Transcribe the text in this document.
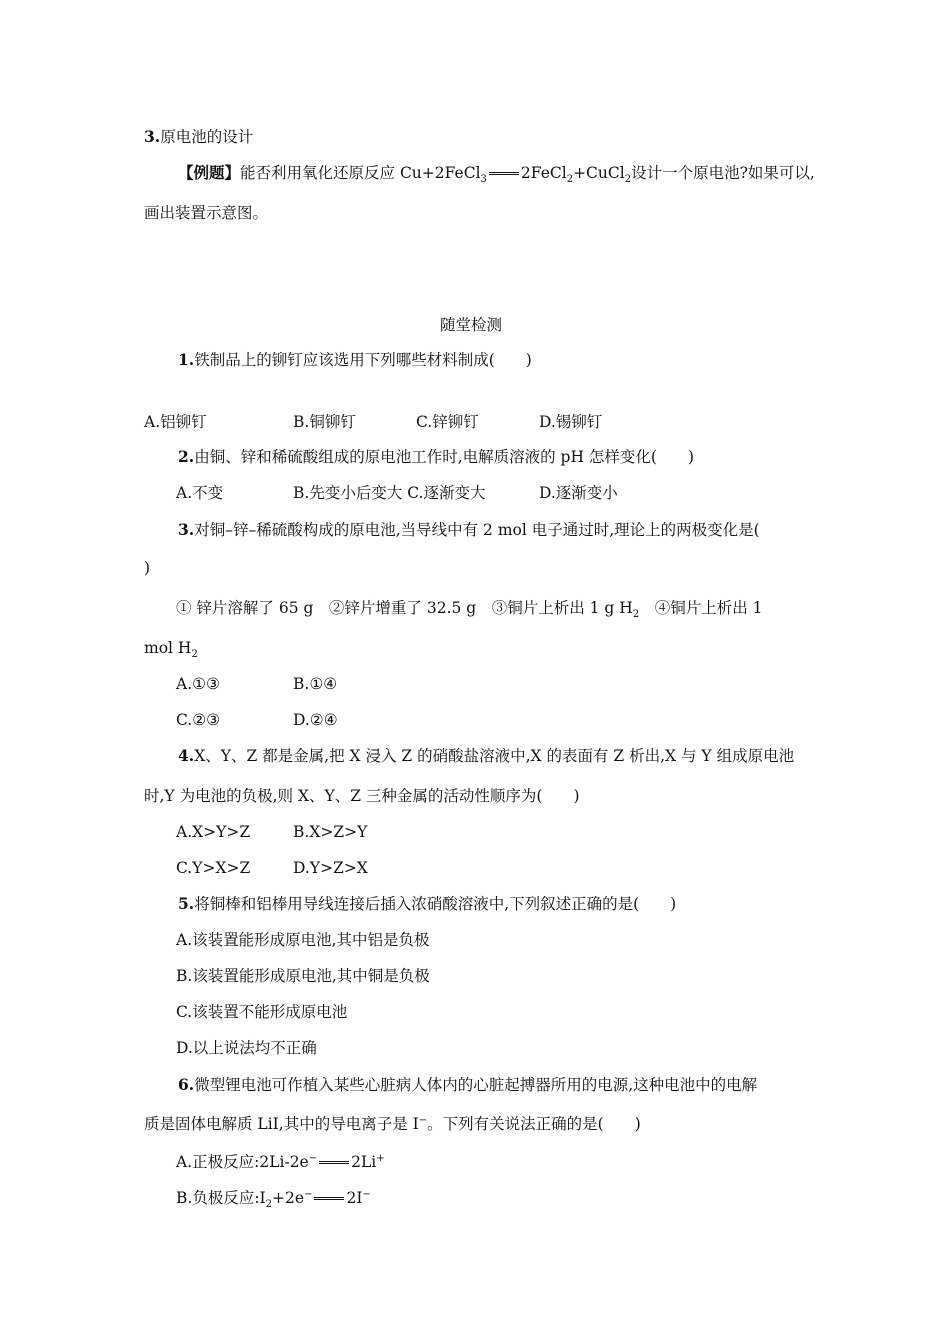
3.原电池的设计
【例题】能否利用氧化还原反应 Cu+2FeCl$_3$ 2FeCl$_2$+CuCl$_2$设计一个原电池?如果可以,
画出装置示意图。
随堂检测
1.铁制品上的铆钉应该选用下列哪些材料制成(　　)
A.铝铆钉	B.铜铆钉	C.锌铆钉	D.锡铆钉
2.由铜、锌和稀硫酸组成的原电池工作时,电解质溶液的 pH 怎样变化(　　)
A.不变	B.先变小后变大 C.逐渐变大	D.逐渐变小
3.对铜–锌–稀硫酸构成的原电池,当导线中有 2 mol 电子通过时,理论上的两极变化是(
)
① 锌片溶解了 65 g　②锌片增重了 32.5 g　③铜片上析出 1 g $H_2$　④铜片上析出 1
mol $H_2$
A.①③	B.①④
C.②③	D.②④
4.X、Y、Z 都是金属,把 X 浸入 Z 的硝酸盐溶液中,X 的表面有 Z 析出,X 与 Y 组成原电池
时,Y 为电池的负极,则 X、Y、Z 三种金属的活动性顺序为(　　)
A.X>Y>Z	B.X>Z>Y
C.Y>X>Z	D.Y>Z>X
5.将铜棒和铝棒用导线连接后插入浓硝酸溶液中,下列叙述正确的是(　　)
A.该装置能形成原电池,其中铝是负极
B.该装置能形成原电池,其中铜是负极
C.该装置不能形成原电池
D.以上说法均不正确
6.微型锂电池可作植入某些心脏病人体内的心脏起搏器所用的电源,这种电池中的电解
质是固体电解质 LiI,其中的导电离子是 I−。下列有关说法正确的是(　　)
A.正极反应:2Li-2e− 2Li+
B.负极反应$:I_2+2e^-$ 2I−
